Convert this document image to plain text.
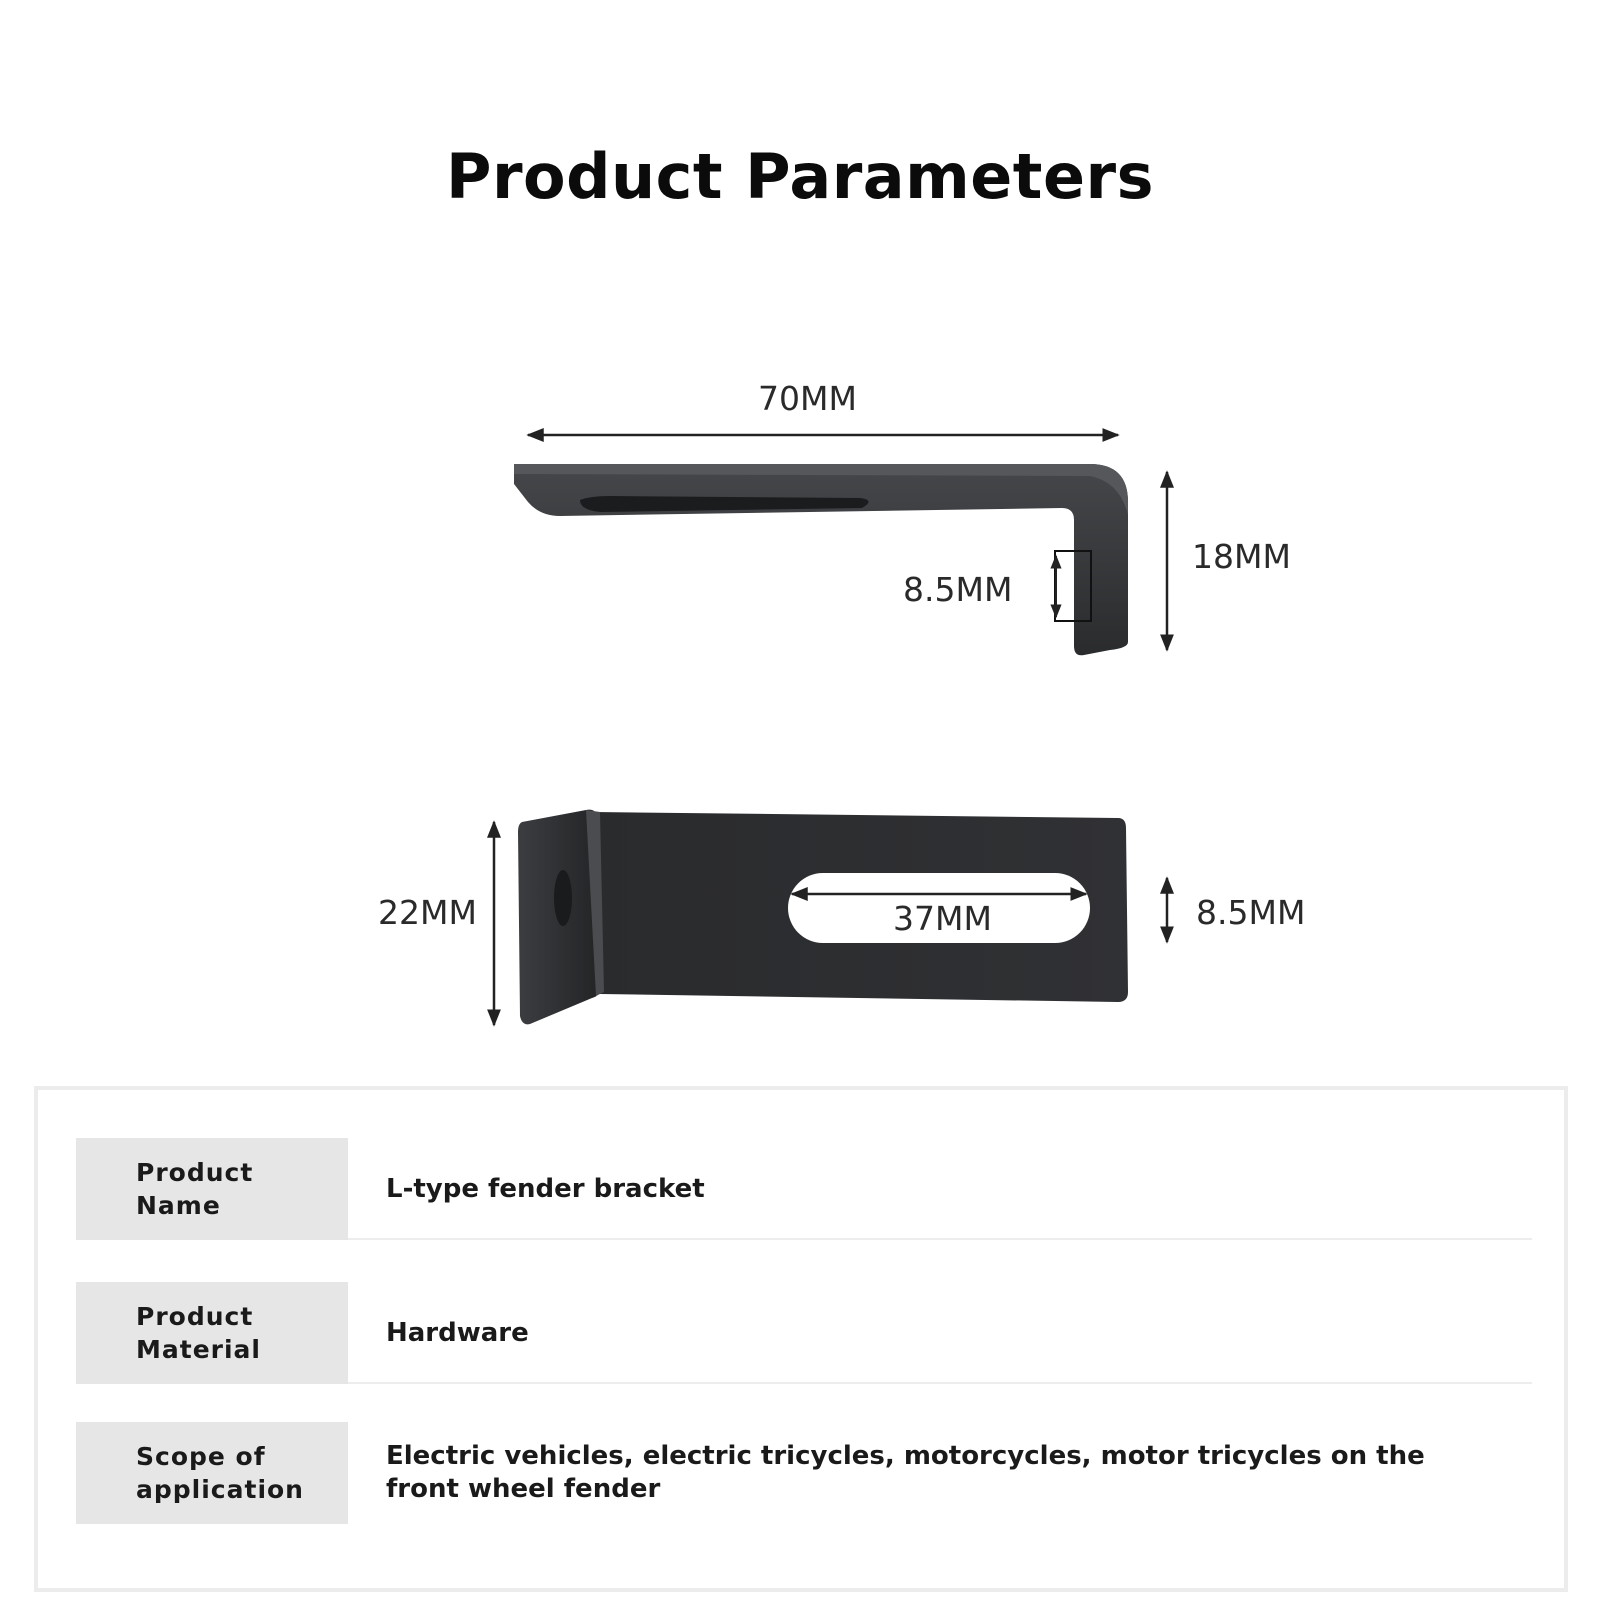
Product Parameters
70MM
18MM
8.5MM
22MM	37MM	8.5MM
Product
Name
L-type fender bracket
Product
Material
Hardware
Scope of
application
Electric vehicles, electric tricycles, motorcycles, motor tricycles on the front wheel fender
